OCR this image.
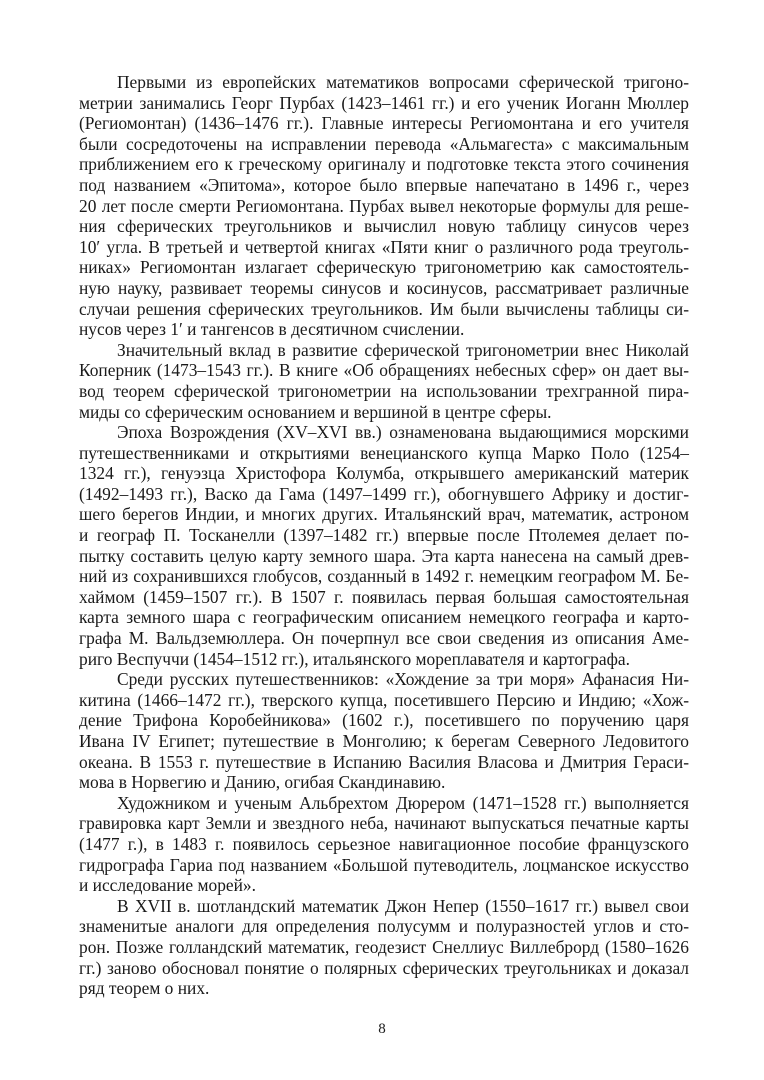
Первыми из европейских математиков вопросами сферической тригоно-
метрии занимались Георг Пурбах (1423–1461 гг.) и его ученик Иоганн Мюллер
(Региомонтан) (1436–1476 гг.). Главные интересы Региомонтана и его учителя
были сосредоточены на исправлении перевода «Альмагеста» с максимальным
приближением его к греческому оригиналу и подготовке текста этого сочинения
под названием «Эпитома», которое было впервые напечатано в 1496 г., через
20 лет после смерти Региомонтана. Пурбах вывел некоторые формулы для реше-
ния сферических треугольников и вычислил новую таблицу синусов через
10′ угла. В третьей и четвертой книгах «Пяти книг о различного рода треуголь-
никах» Региомонтан излагает сферическую тригонометрию как самостоятель-
ную науку, развивает теоремы синусов и косинусов, рассматривает различные
случаи решения сферических треугольников. Им были вычислены таблицы си-
нусов через 1′ и тангенсов в десятичном счислении.
Значительный вклад в развитие сферической тригонометрии внес Николай
Коперник (1473–1543 гг.). В книге «Об обращениях небесных сфер» он дает вы-
вод теорем сферической тригонометрии на использовании трехгранной пира-
миды со сферическим основанием и вершиной в центре сферы.
Эпоха Возрождения (XV–XVI вв.) ознаменована выдающимися морскими
путешественниками и открытиями венецианского купца Марко Поло (1254–
1324 гг.), генуэзца Христофора Колумба, открывшего американский материк
(1492–1493 гг.), Васко да Гама (1497–1499 гг.), обогнувшего Африку и достиг-
шего берегов Индии, и многих других. Итальянский врач, математик, астроном
и географ П. Тосканелли (1397–1482 гг.) впервые после Птолемея делает по-
пытку составить целую карту земного шара. Эта карта нанесена на самый древ-
ний из сохранившихся глобусов, созданный в 1492 г. немецким географом М. Бе-
хаймом (1459–1507 гг.). В 1507 г. появилась первая большая самостоятельная
карта земного шара с географическим описанием немецкого географа и карто-
графа М. Вальдземюллера. Он почерпнул все свои сведения из описания Аме-
риго Веспуччи (1454–1512 гг.), итальянского мореплавателя и картографа.
Среди русских путешественников: «Хождение за три моря» Афанасия Ни-
китина (1466–1472 гг.), тверского купца, посетившего Персию и Индию; «Хож-
дение Трифона Коробейникова» (1602 г.), посетившего по поручению царя
Ивана IV Египет; путешествие в Монголию; к берегам Северного Ледовитого
океана. В 1553 г. путешествие в Испанию Василия Власова и Дмитрия Гераси-
мова в Норвегию и Данию, огибая Скандинавию.
Художником и ученым Альбрехтом Дюрером (1471–1528 гг.) выполняется
гравировка карт Земли и звездного неба, начинают выпускаться печатные карты
(1477 г.), в 1483 г. появилось серьезное навигационное пособие французского
гидрографа Гариа под названием «Большой путеводитель, лоцманское искусство
и исследование морей».
В XVII в. шотландский математик Джон Непер (1550–1617 гг.) вывел свои
знаменитые аналоги для определения полусумм и полуразностей углов и сто-
рон. Позже голландский математик, геодезист Снеллиус Виллеброрд (1580–1626
гг.) заново обосновал понятие о полярных сферических треугольниках и доказал
ряд теорем о них.
8
